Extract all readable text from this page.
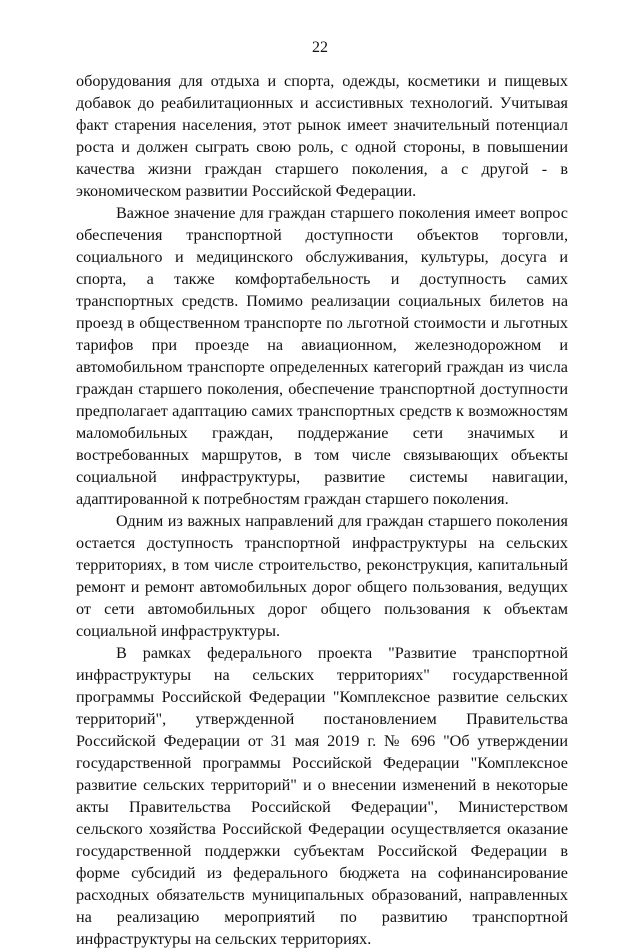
22

оборудования для отдыха и спорта, одежды, косметики и пищевых добавок до реабилитационных и ассистивных технологий. Учитывая факт старения населения, этот рынок имеет значительный потенциал роста и должен сыграть свою роль, с одной стороны, в повышении качества жизни граждан старшего поколения, а с другой - в экономическом развитии Российской Федерации.

Важное значение для граждан старшего поколения имеет вопрос обеспечения транспортной доступности объектов торговли, социального и медицинского обслуживания, культуры, досуга и спорта, а также комфортабельность и доступность самих транспортных средств. Помимо реализации социальных билетов на проезд в общественном транспорте по льготной стоимости и льготных тарифов при проезде на авиационном, железнодорожном и автомобильном транспорте определенных категорий граждан из числа граждан старшего поколения, обеспечение транспортной доступности предполагает адаптацию самих транспортных средств к возможностям маломобильных граждан, поддержание сети значимых и востребованных маршрутов, в том числе связывающих объекты социальной инфраструктуры, развитие системы навигации, адаптированной к потребностям граждан старшего поколения.

Одним из важных направлений для граждан старшего поколения остается доступность транспортной инфраструктуры на сельских территориях, в том числе строительство, реконструкция, капитальный ремонт и ремонт автомобильных дорог общего пользования, ведущих от сети автомобильных дорог общего пользования к объектам социальной инфраструктуры.

В рамках федерального проекта "Развитие транспортной инфраструктуры на сельских территориях" государственной программы Российской Федерации "Комплексное развитие сельских территорий", утвержденной постановлением Правительства Российской Федерации от 31 мая 2019 г. № 696 "Об утверждении государственной программы Российской Федерации "Комплексное развитие сельских территорий" и о внесении изменений в некоторые акты Правительства Российской Федерации", Министерством сельского хозяйства Российской Федерации осуществляется оказание государственной поддержки субъектам Российской Федерации в форме субсидий из федерального бюджета на софинансирование расходных обязательств муниципальных образований, направленных на реализацию мероприятий по развитию транспортной инфраструктуры на сельских территориях.
